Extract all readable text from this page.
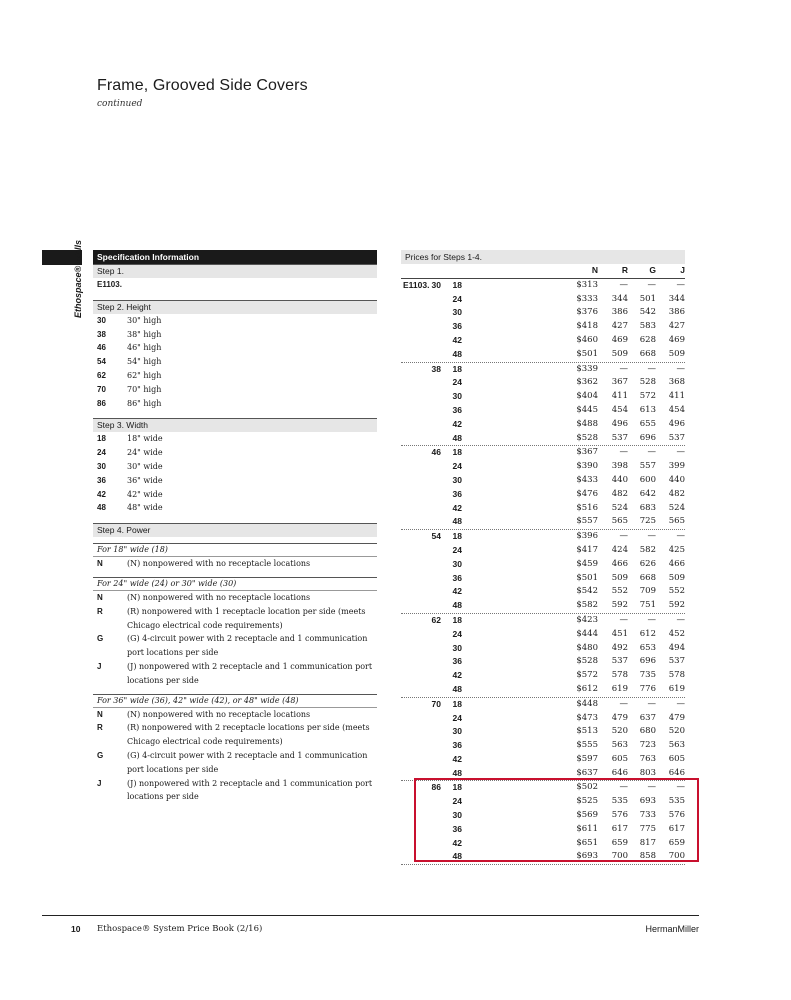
Frame, Grooved Side Covers
continued
Ethospace® Walls	Specification Information
Step 1.
E1103.
Step 2. Height
30	30" high
38	38" high
46	46" high
54	54" high
62	62" high
70	70" high
86	86" high
Step 3. Width
18	18" wide
24	24" wide
30	30" wide
36	36" wide
42	42" wide
48	48" wide
Step 4. Power
For 18" wide (18)
N	(N) nonpowered with no receptacle locations
For 24" wide (24) or 30" wide (30)
N	(N) nonpowered with no receptacle locations
R	(R) nonpowered with 1 receptacle location per side (meets Chicago electrical code requirements)
G	(G) 4-circuit power with 2 receptacle and 1 communication port locations per side
J	(J) nonpowered with 2 receptacle and 1 communication port locations per side
For 36" wide (36), 42" wide (42), or 48" wide (48)
N	(N) nonpowered with no receptacle locations
R	(R) nonpowered with 2 receptacle locations per side (meets Chicago electrical code requirements)
G	(G) 4-circuit power with 2 receptacle and 1 communication port locations per side
J	(J) nonpowered with 2 receptacle and 1 communication port locations per side
Prices for Steps 1-4.
N	R	G	J
E1103. 30	18	$313	—	—	—
24	$333	344	501	344
30	$376	386	542	386
36	$418	427	583	427
42	$460	469	628	469
48	$501	509	668	509
38	18	$339	—	—	—
24	$362	367	528	368
30	$404	411	572	411
36	$445	454	613	454
42	$488	496	655	496
48	$528	537	696	537
46	18	$367	—	—	—
24	$390	398	557	399
30	$433	440	600	440
36	$476	482	642	482
42	$516	524	683	524
48	$557	565	725	565
54	18	$396	—	—	—
24	$417	424	582	425
30	$459	466	626	466
36	$501	509	668	509
42	$542	552	709	552
48	$582	592	751	592
62	18	$423	—	—	—
24	$444	451	612	452
30	$480	492	653	494
36	$528	537	696	537
42	$572	578	735	578
48	$612	619	776	619
70	18	$448	—	—	—
24	$473	479	637	479
30	$513	520	680	520
36	$555	563	723	563
42	$597	605	763	605
48	$637	646	803	646
86	18	$502	—	—	—
24	$525	535	693	535
30	$569	576	733	576
36	$611	617	775	617
42	$651	659	817	659
48	$693	700	858	700
10 Ethospace® System Price Book (2/16)	HermanMiller
